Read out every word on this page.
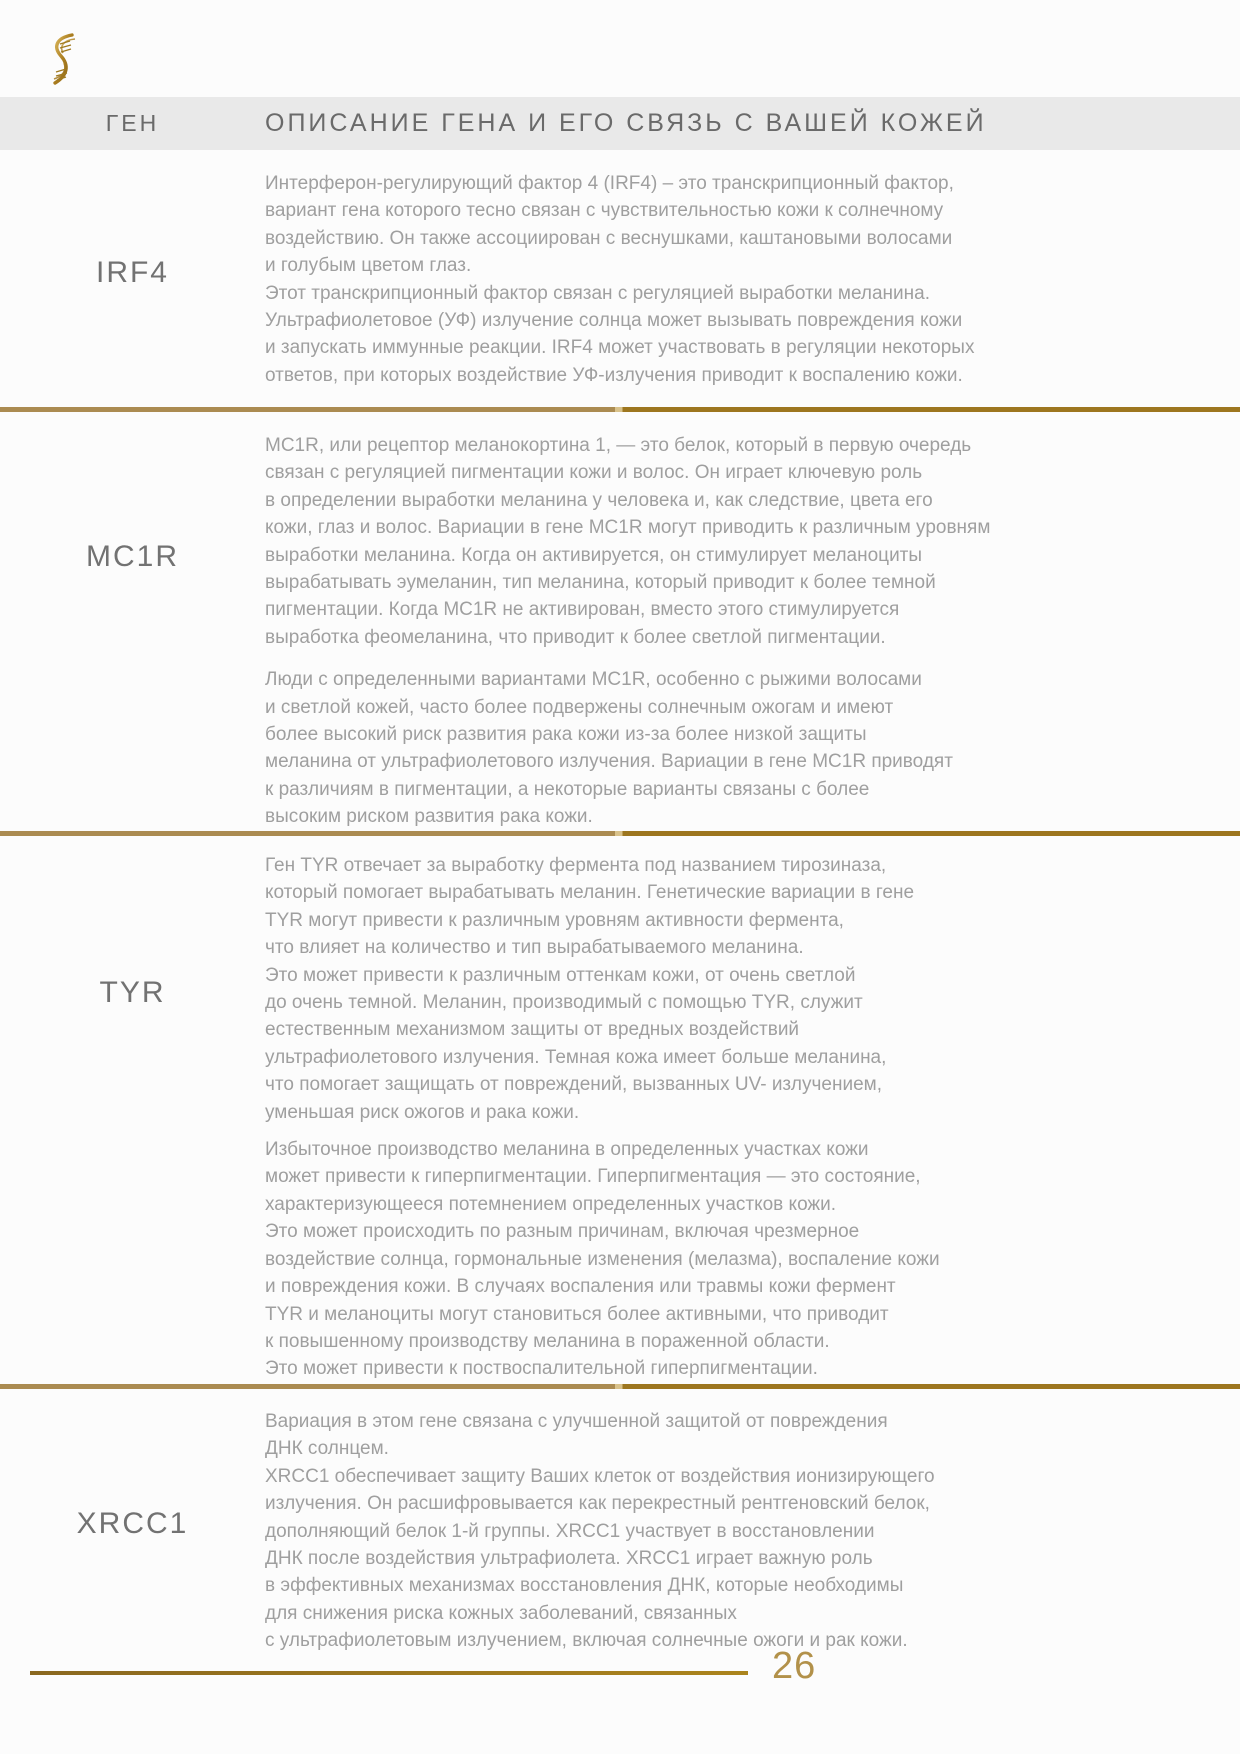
ГЕН	ОПИСАНИЕ ГЕНА И ЕГО СВЯЗЬ С ВАШЕЙ КОЖЕЙ
IRF4
Интерферон-регулирующий фактор 4 (IRF4) – это транскрипционный фактор,
вариант гена которого тесно связан с чувствительностью кожи к солнечному
воздействию. Он также ассоциирован с веснушками, каштановыми волосами
и голубым цветом глаз.
Этот транскрипционный фактор связан с регуляцией выработки меланина.
Ультрафиолетовое (УФ) излучение солнца может вызывать повреждения кожи
и запускать иммунные реакции. IRF4 может участвовать в регуляции некоторых
ответов, при которых воздействие УФ-излучения приводит к воспалению кожи.
MC1R
MC1R, или рецептор меланокортина 1, — это белок, который в первую очередь
связан с регуляцией пигментации кожи и волос. Он играет ключевую роль
в определении выработки меланина у человека и, как следствие, цвета его
кожи, глаз и волос. Вариации в гене MC1R могут приводить к различным уровням
выработки меланина. Когда он активируется, он стимулирует меланоциты
вырабатывать эумеланин, тип меланина, который приводит к более темной
пигментации. Когда MC1R не активирован, вместо этого стимулируется
выработка феомеланина, что приводит к более светлой пигментации.
Люди с определенными вариантами MC1R, особенно с рыжими волосами
и светлой кожей, часто более подвержены солнечным ожогам и имеют
более высокий риск развития рака кожи из-за более низкой защиты
меланина от ультрафиолетового излучения. Вариации в гене MC1R приводят
к различиям в пигментации, а некоторые варианты связаны с более
высоким риском развития рака кожи.
TYR
Ген TYR отвечает за выработку фермента под названием тирозиназа,
который помогает вырабатывать меланин. Генетические вариации в гене
TYR могут привести к различным уровням активности фермента,
что влияет на количество и тип вырабатываемого меланина.
Это может привести к различным оттенкам кожи, от очень светлой
до очень темной. Меланин, производимый с помощью TYR, служит
естественным механизмом защиты от вредных воздействий
ультрафиолетового излучения. Темная кожа имеет больше меланина,
что помогает защищать от повреждений, вызванных UV- излучением,
уменьшая риск ожогов и рака кожи.
Избыточное производство меланина в определенных участках кожи
может привести к гиперпигментации. Гиперпигментация — это состояние,
характеризующееся потемнением определенных участков кожи.
Это может происходить по разным причинам, включая чрезмерное
воздействие солнца, гормональные изменения (мелазма), воспаление кожи
и повреждения кожи. В случаях воспаления или травмы кожи фермент
TYR и меланоциты могут становиться более активными, что приводит
к повышенному производству меланина в пораженной области.
Это может привести к поствоспалительной гиперпигментации.
XRCC1
Вариация в этом гене связана с улучшенной защитой от повреждения
ДНК солнцем.
XRCC1 обеспечивает защиту Ваших клеток от воздействия ионизирующего
излучения. Он расшифровывается как перекрестный рентгеновский белок,
дополняющий белок 1-й группы. XRCC1 участвует в восстановлении
ДНК после воздействия ультрафиолета. XRCC1 играет важную роль
в эффективных механизмах восстановления ДНК, которые необходимы
для снижения риска кожных заболеваний, связанных
с ультрафиолетовым излучением, включая солнечные ожоги и рак кожи.
26
